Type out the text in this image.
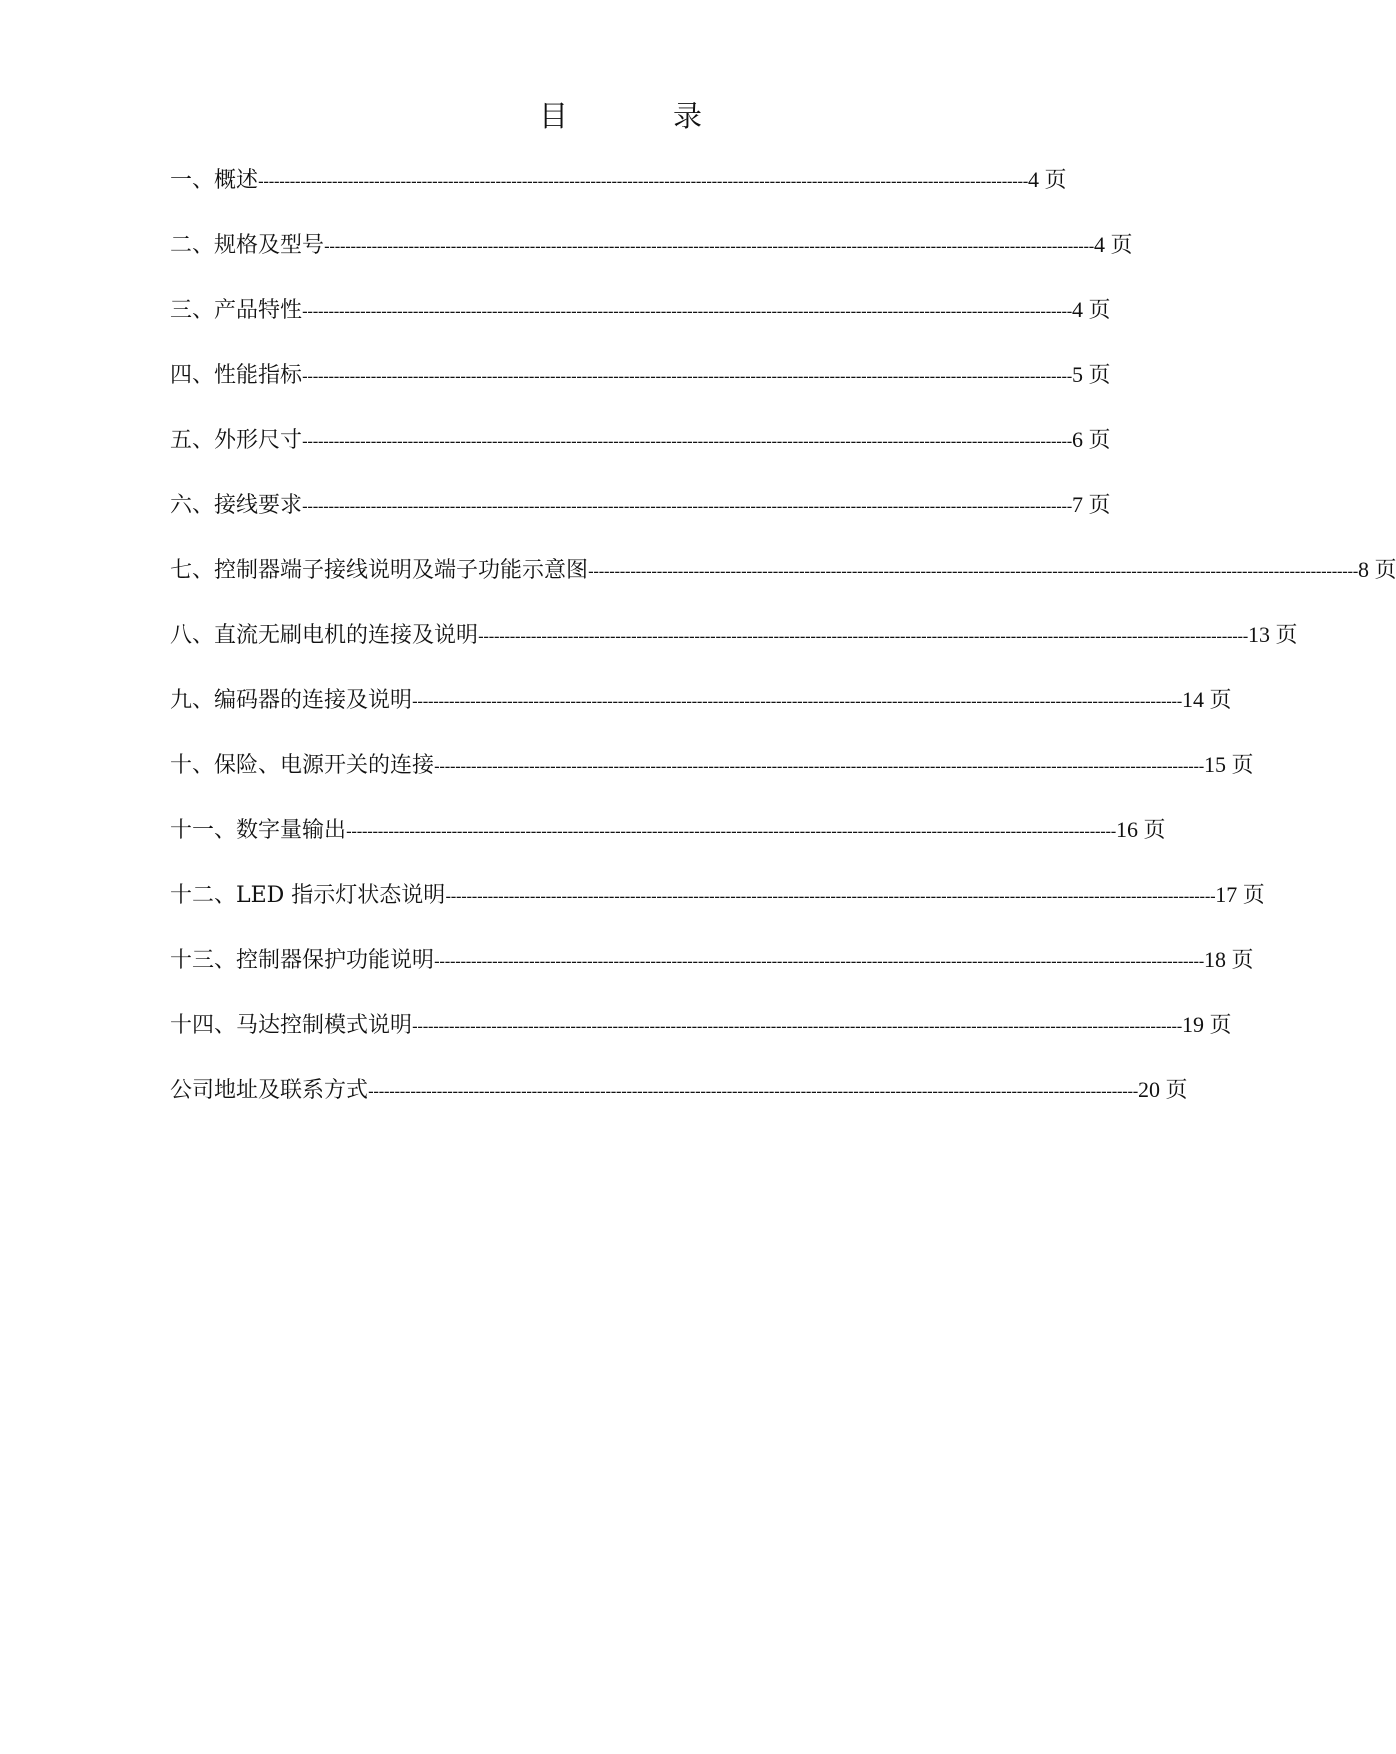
目　录
一、概述 -------------------------------------------------------------------------------------------------------------------------------------------------- 4 页
二、规格及型号 -------------------------------------------------------------------------------------------------------------------------------------------------- 4 页
三、产品特性 -------------------------------------------------------------------------------------------------------------------------------------------------- 4 页
四、性能指标 -------------------------------------------------------------------------------------------------------------------------------------------------- 5 页
五、外形尺寸 -------------------------------------------------------------------------------------------------------------------------------------------------- 6 页
六、接线要求 -------------------------------------------------------------------------------------------------------------------------------------------------- 7 页
七、控制器端子接线说明及端子功能示意图 -------------------------------------------------------------------------------------------------------------------------------------------------- 8 页
八、直流无刷电机的连接及说明 -------------------------------------------------------------------------------------------------------------------------------------------------- 13 页
九、编码器的连接及说明 -------------------------------------------------------------------------------------------------------------------------------------------------- 14 页
十、保险、电源开关的连接 -------------------------------------------------------------------------------------------------------------------------------------------------- 15 页
十一、数字量输出 -------------------------------------------------------------------------------------------------------------------------------------------------- 16 页
十二、LED 指示灯状态说明 -------------------------------------------------------------------------------------------------------------------------------------------------- 17 页
十三、控制器保护功能说明 -------------------------------------------------------------------------------------------------------------------------------------------------- 18 页
十四、马达控制模式说明 -------------------------------------------------------------------------------------------------------------------------------------------------- 19 页
公司地址及联系方式 -------------------------------------------------------------------------------------------------------------------------------------------------- 20 页
